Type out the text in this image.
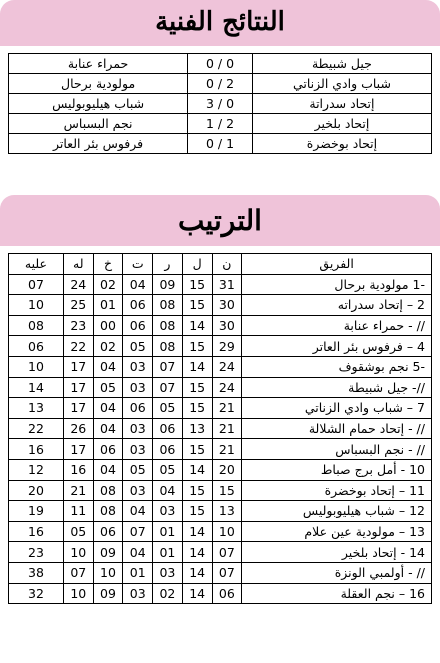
النتائج الفنية
جيل شبيطة	0 / 0	حمراء عنابة
شباب وادي الزناتي	2 / 0	مولودية برحال
إتحاد سدراتة	0 / 3	شباب هيليوبوليس
إتحاد بلخير	2 / 1	نجم البسباس
إتحاد بوخضرة	1 / 0	فرفوس بئر العاتر
الترتيب
الفريق	ن	ل	ر	ت	خ	له	عليه
-1 مولودية برحال	31	15	09	04	02	24	07
2 – إتحاد سدراته	30	15	08	06	01	25	10
// - حمراء عنابة	30	14	08	06	00	23	08
4 – فرفوس بئر العاتر	29	15	08	05	02	22	06
-5 نجم بوشقوف	24	14	07	03	04	17	10
//- جيل شبيطة	24	15	07	03	05	17	14
7 – شباب وادي الزناتي	21	15	05	06	04	17	13
// - إتحاد حمام الشلالة	21	13	06	03	04	26	22
// - نجم البسباس	21	15	06	03	06	17	16
10 - أمل برج صباط	20	14	05	05	04	16	12
11 – إتحاد بوخضرة	15	15	04	03	08	21	20
12 – شباب هيليوبوليس	13	15	03	04	08	11	19
13 – مولودية عين علام	10	14	01	07	06	05	16
14 - إتحاد بلخير	07	14	01	04	09	10	23
// - أولمبي الونزة	07	14	03	01	10	07	38
16 – نجم العقلة	06	14	02	03	09	10	32
